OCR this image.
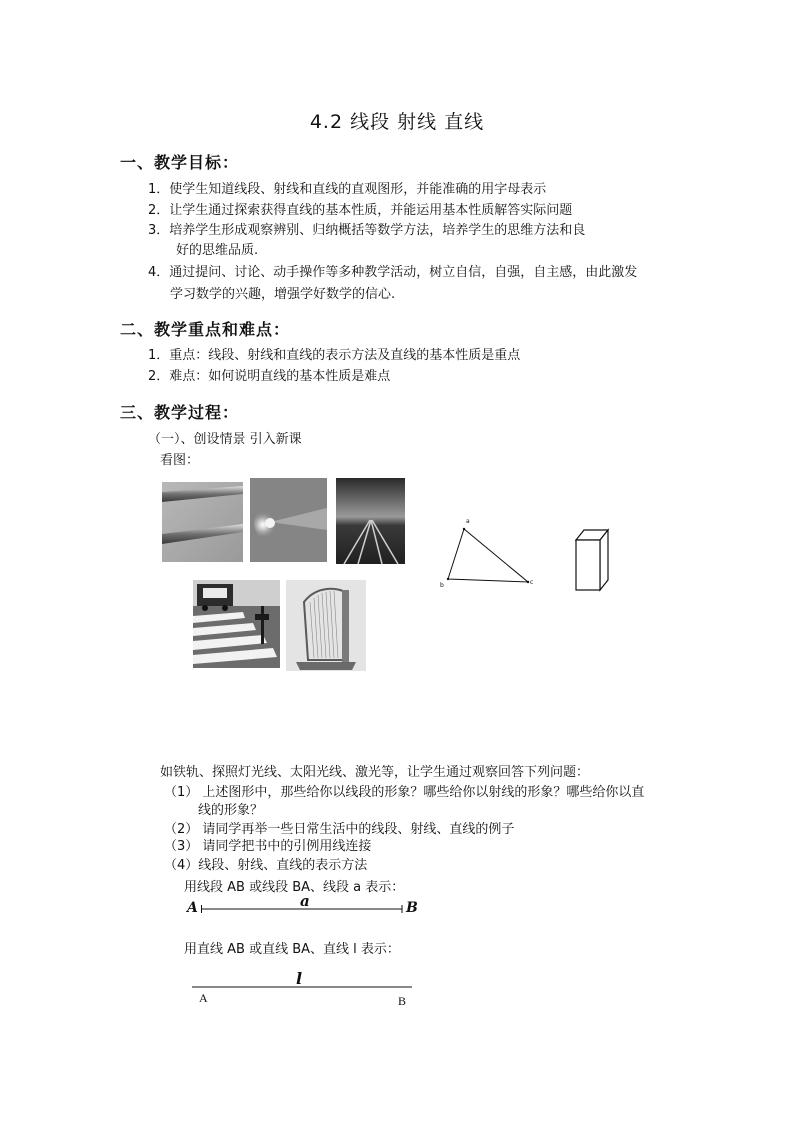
4.2 线段 射线 直线
一、教学目标：
1．使学生知道线段、射线和直线的直观图形，并能准确的用字母表示
2．让学生通过探索获得直线的基本性质，并能运用基本性质解答实际问题
3．培养学生形成观察辨别、归纳概括等数学方法，培养学生的思维方法和良
好的思维品质.
4．通过提问、讨论、动手操作等多种教学活动，树立自信，自强，自主感，由此激发
学习数学的兴趣，增强学好数学的信心.
二、教学重点和难点：
1．重点：线段、射线和直线的表示方法及直线的基本性质是重点
2．难点：如何说明直线的基本性质是难点
三、教学过程：
（一）、创设情景 引入新课
看图：
a
b	c
如铁轨、探照灯光线、太阳光线、激光等，让学生通过观察回答下列问题：
（1） 上述图形中，那些给你以线段的形象？哪些给你以射线的形象？哪些给你以直
线的形象？
（2） 请同学再举一些日常生活中的线段、射线、直线的例子
（3） 请同学把书中的引例用线连接
（4）线段、射线、直线的表示方法
用线段 AB 或线段 BA、线段 a 表示：
a
A	B
用直线 AB 或直线 BA、直线 l 表示：
l
A	B
